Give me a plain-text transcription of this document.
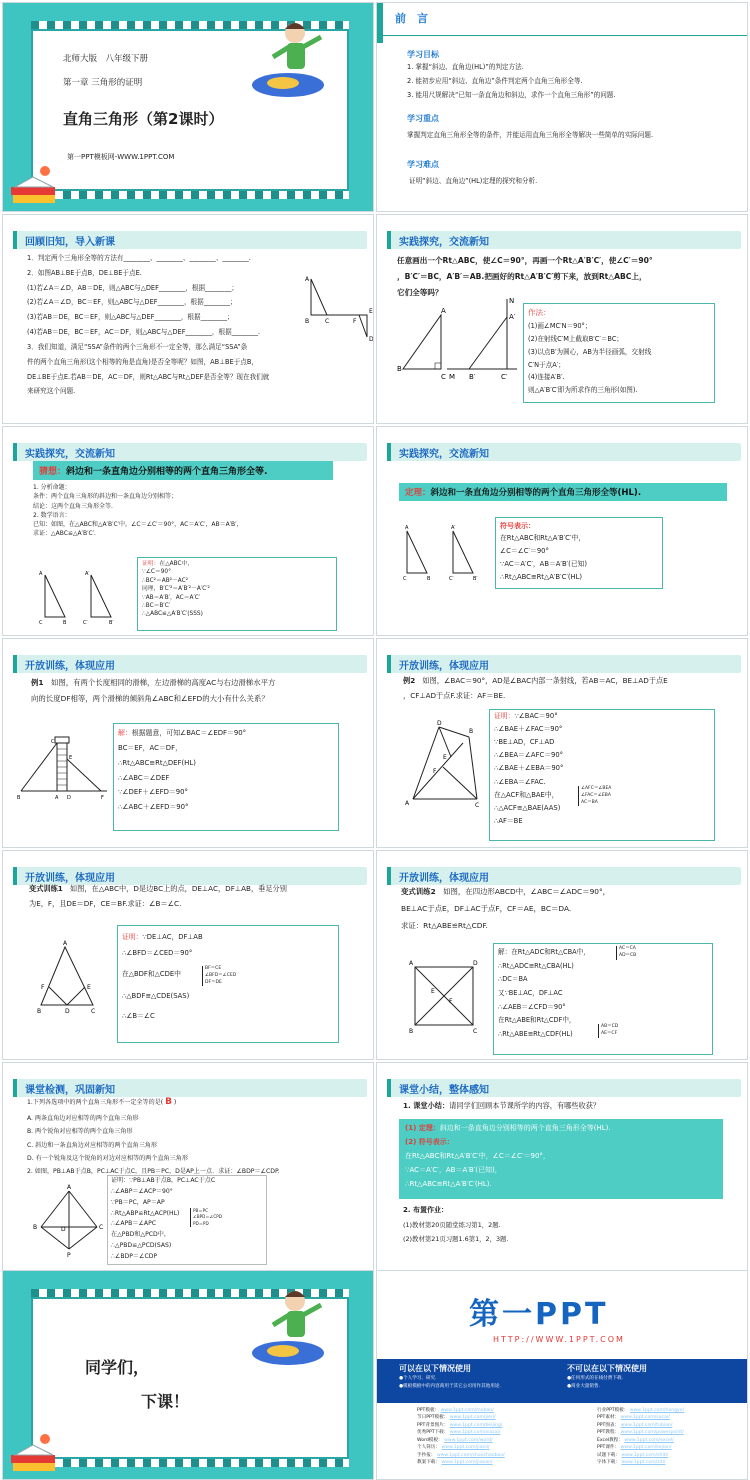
北师大版　八年级下册
第一章 三角形的证明
直角三角形（第2课时）
第一PPT模板网-WWW.1PPT.COM
前　言
学习目标
1. 掌握“斜边、直角边(HL)”的判定方法.
2. 能初步应用“斜边、直角边”条件判定两个直角三角形全等.
3. 能用尺规解决“已知一条直角边和斜边，求作一个直角三角形”的问题.
学习重点
掌握判定直角三角形全等的条件，并能运用直角三角形全等解决一些简单的实际问题.
学习难点
证明“斜边、直角边”(HL)定理的探究和分析.
回顾旧知，导入新课
1．判定两个三角形全等的方法有________、________、________、________.
2．如图AB⊥BE于点B，DE⊥BE于点E.
(1)若∠A＝∠D，AB＝DE，则△ABC与△DEF________，根据________；
(2)若∠A＝∠D，BC＝EF，则△ABC与△DEF________，根据________；
(3)若AB＝DE，BC＝EF，则△ABC与△DEF________，根据________；
(4)若AB＝DE，BC＝EF，AC＝DF，则△ABC与△DEF________，根据________.
3．我们知道，满足“SSA”条件的两个三角形不一定全等，那么满足“SSA”条
件的两个直角三角形(这个相等的角是直角)是否全等呢？如图，AB⊥BE于点B，
DE⊥BE于点E.若AB＝DE，AC＝DF，则Rt△ABC与Rt△DEF是否全等？现在我们就
来研究这个问题.
A
B	C	F
E
D
实践探究，交流新知
任意画出一个Rt△ABC，使∠C＝90°，再画一个Rt△A′B′C′，使∠C′＝90°
，B′C′＝BC，A′B′＝AB.把画好的Rt△A′B′C′剪下来，放到Rt△ABC上，
它们全等吗？
作法：
(1)画∠MC′N＝90°；
(2)在射线C′M上截取B′C′＝BC；
(3)以点B′为圆心，AB为半径画弧，交射线
C′N于点A′；
(4)连接A′B′.
则△A′B′C′即为所求作的三角形(如图).
A
B
C
N
A′
M B′	C′
实践探究，交流新知
猜想：斜边和一条直角边分别相等的两个直角三角形全等.
1. 分析命题：
条件：两个直角三角形的斜边和一条直角边分别相等；
结论：这两个直角三角形全等.
2. 数学语言：
已知：如图，在△ABC和△A′B′C′中，∠C＝∠C′＝90°，AC＝A′C′，AB＝A′B′，
求证：△ABC≌△A′B′C′.
证明：在△ABC中，
∵∠C＝90°
∴BC²＝AB²－AC²
同理，B′C′²＝A′B′²－A′C′²
∵AB＝A′B′，AC＝A′C′
∴BC＝B′C′
∴△ABC≌△A′B′C′(SSS)
A
B
C
A′
B′
C′
实践探究，交流新知
定理：斜边和一条直角边分别相等的两个直角三角形全等(HL).
符号表示：
在Rt△ABC和Rt△A′B′C′中，
∠C＝∠C′＝90°
∵AC＝A′C′，AB＝A′B′(已知)
∴Rt△ABC≌Rt△A′B′C′(HL)
A
B
C
A′
B′
C′
开放训练，体现应用
例1　 如图，有两个长度相同的滑梯，左边滑梯的高度AC与右边滑梯水平方
向的长度DF相等，两个滑梯的倾斜角∠ABC和∠EFD的大小有什么关系？
解：根据题意，可知∠BAC＝∠EDF＝90°
BC＝EF，AC＝DF，
∴Rt△ABC≌Rt△DEF(HL)
∴∠ABC＝∠DEF
∵∠DEF＋∠EFD＝90°
∴∠ABC＋∠EFD＝90°
C
E
B	A D	F
开放训练，体现应用
例2　 如图，∠BAC＝90°，AD是∠BAC内部一条射线，若AB＝AC，BE⊥AD于点E
，CF⊥AD于点F.求证：AF＝BE.
证明：∵∠BAC＝90°
∴∠BAE＋∠FAC＝90°
∵BE⊥AD，CF⊥AD
∴∠BEA＝∠AFC＝90°
∴∠BAE＋∠EBA＝90°
∴∠EBA＝∠FAC.
在△ACF和△BAE中，
∴△ACF≌△BAE(AAS)
∴AF＝BE
∠AFC＝∠BEA
∠FAC＝∠EBA
AC＝BA
D
B
E
F
A	C
开放训练，体现应用
变式训练1　 如图，在△ABC中，D是边BC上的点，DE⊥AC，DF⊥AB，垂足分别
为E，F，且DE＝DF，CE＝BF.求证：∠B＝∠C.
证明：∵DE⊥AC，DF⊥AB
∴∠BFD＝∠CED＝90°
在△BDF和△CDE中
∴△BDF≌△CDE(SAS)
∴∠B＝∠C
BF＝CE
∠BFD＝∠CED
DF＝DE
A
F	E
B	D	C
开放训练，体现应用
变式训练2　 如图，在四边形ABCD中，∠ABC＝∠ADC＝90°，
BE⊥AC于点E，DF⊥AC于点F，CF＝AE，BC＝DA.
求证：Rt△ABE≌Rt△CDF.
解：在Rt△ADC和Rt△CBA中，
∴Rt△ADC≌Rt△CBA(HL)
∴DC＝BA
又∵BE⊥AC，DF⊥AC
∴∠AEB＝∠CFD＝90°
在Rt△ABE和Rt△CDF中，
∴Rt△ABE≌Rt△CDF(HL)
AC＝CA
AD＝CB
AB＝CD
AE＝CF
A	D
E
F
B	C
课堂检测，巩固新知
1.下列各选项中的两个直角三角形不一定全等的是( B )
A. 两条直角边对应相等的两个直角三角形
B. 两个锐角对应相等的两个直角三角形
C. 斜边和一条直角边对应相等的两个直角三角形
D. 有一个锐角及这个锐角的对边对应相等的两个直角三角形
2. 如图，PB⊥AB于点B，PC⊥AC于点C，且PB＝PC，D是AP上一点．求证：∠BDP＝∠CDP.
证明：∵PB⊥AB于点B，PC⊥AC于点C
∴∠ABP＝∠ACP＝90°
∵PB＝PC，AP＝AP
∴Rt△ABP≌Rt△ACP(HL)
∴∠APB＝∠APC
在△PBD和△PCD中，
∴△PBD≌△PCD(SAS)
∴∠BDP＝∠CDP
PB＝PC
∠BPD＝∠CPD
PD＝PD
A
B	D	C
P
课堂小结，整体感知
1. 课堂小结：请同学们回顾本节课所学的内容，有哪些收获？
(1) 定理：斜边和一条直角边分别相等的两个直角三角形全等(HL).
(2) 符号表示：
在Rt△ABC和Rt△A′B′C′中，∠C＝∠C′＝90°，
∵AC＝A′C′，AB＝A′B′(已知)，
∴Rt△ABC≌Rt△A′B′C′(HL).
2. 布置作业：
(1)教材第20页随堂练习第1，2题.
(2)教材第21页习题1.6第1，2，3题.
同学们，
下课！
第一PPT
HTTP://WWW.1PPT.COM
可以在以下情况使用
●个人学习、研究.
●模板模板中的内容商用于其它公司用作其他用途.
不可以在以下情况使用
●任何形式的在线付费下载.
●商业大量销售.
PPT模板： www.1ppt.com/moban/
节日PPT模板： www.1ppt.com/jieri/
PPT背景图片： www.1ppt.com/beijing/
优秀PPT下载： www.1ppt.com/xiazai/
Word模板： www.1ppt.com/word/
个人简历： www.1ppt.com/jianli/
手抄报： www.1ppt.com/shouchaobao/
教案下载： www.1ppt.com/jiaoan/
行业PPT模板： www.1ppt.com/hangye/
PPT素材： www.1ppt.com/sucai/
PPT图表： www.1ppt.com/tubiao/
PPT教程： www.1ppt.com/powerpoint/
Excel教程： www.1ppt.com/excel/
PPT课件： www.1ppt.com/kejian/
试题下载： www.1ppt.com/shiti/
字体下载： www.1ppt.com/ziti/
